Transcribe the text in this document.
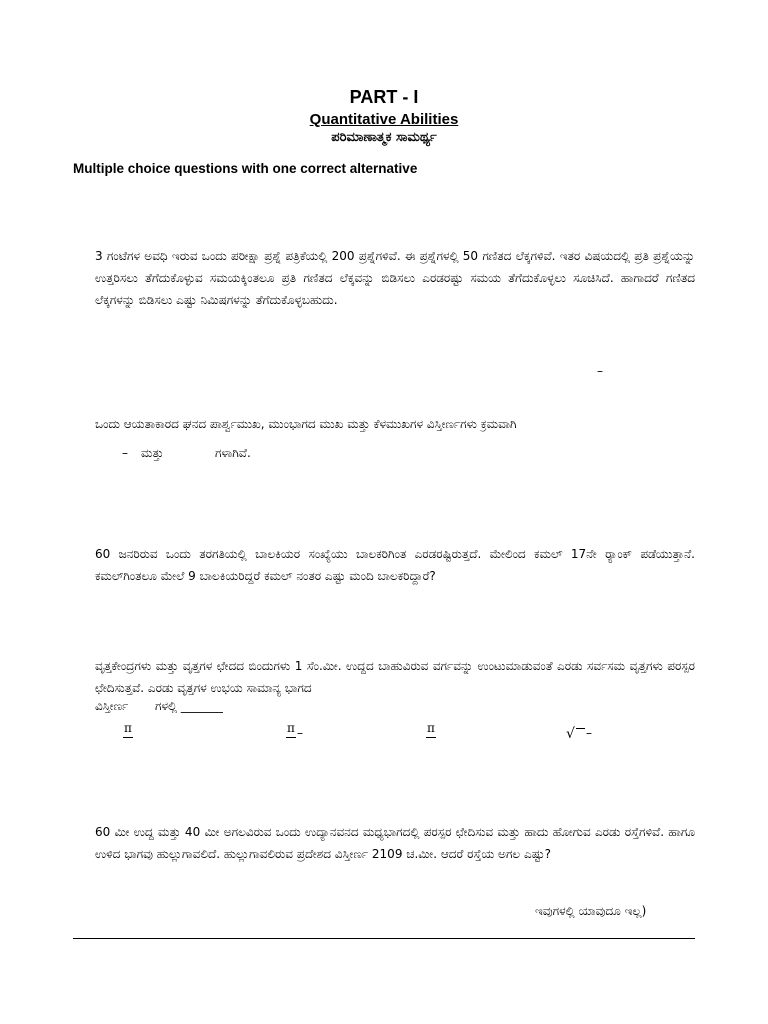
PART - I
Quantitative Abilities
ಪರಿಮಾಣಾತ್ಮಕ ಸಾಮರ್ಥ್ಯ
Multiple choice questions with one correct alternative
3 ಗಂಟೆಗಳ ಅವಧಿ ಇರುವ ಒಂದು ಪರೀಕ್ಷಾ ಪ್ರಶ್ನೆ ಪತ್ರಿಕೆಯಲ್ಲಿ 200 ಪ್ರಶ್ನೆಗಳಿವೆ. ಈ ಪ್ರಶ್ನೆಗಳಲ್ಲಿ 50 ಗಣಿತದ ಲೆಕ್ಕಗಳಿವೆ. ಇತರ ವಿಷಯದಲ್ಲಿ ಪ್ರತಿ ಪ್ರಶ್ನೆಯನ್ನು ಉತ್ತರಿಸಲು ತೆಗೆದುಕೊಳ್ಳುವ ಸಮಯಕ್ಕಿಂತಲೂ ಪ್ರತಿ ಗಣಿತದ ಲೆಕ್ಕವನ್ನು ಬಿಡಿಸಲು ಎರಡರಷ್ಟು ಸಮಯ ತೆಗೆದುಕೊಳ್ಳಲು ಸೂಚಿಸಿದೆ. ಹಾಗಾದರೆ ಗಣಿತದ ಲೆಕ್ಕಗಳನ್ನು ಬಿಡಿಸಲು ಎಷ್ಟು ನಿಮಿಷಗಳನ್ನು ತೆಗೆದುಕೊಳ್ಳಬಹುದು.
–
ಒಂದು ಆಯತಾಕಾರದ ಘನದ ಪಾರ್ಶ್ವಮುಖ, ಮುಂಭಾಗದ ಮುಖ ಮತ್ತು ಕೆಳಮುಖಗಳ ವಿಸ್ತೀರ್ಣಗಳು ಕ್ರಮವಾಗಿ
– ಮತ್ತು	ಗಳಾಗಿವೆ.
60 ಜನರಿರುವ ಒಂದು ತರಗತಿಯಲ್ಲಿ ಬಾಲಕಿಯರ ಸಂಖ್ಯೆಯು ಬಾಲಕರಿಗಿಂತ ಎರಡರಷ್ಟಿರುತ್ತದೆ. ಮೇಲಿಂದ ಕಮಲ್ 17ನೇ ರ್‍ಯಾಂಕ್ ಪಡೆಯುತ್ತಾನೆ. ಕಮಲ್‍ಗಿಂತಲೂ ಮೇಲೆ 9 ಬಾಲಕಿಯರಿದ್ದರೆ ಕಮಲ್ ನಂತರ ಎಷ್ಟು ಮಂದಿ ಬಾಲಕರಿದ್ದಾರೆ?
ವೃತ್ತಕೇಂದ್ರಗಳು ಮತ್ತು ವೃತ್ತಗಳ ಛೇದದ ಬಿಂದುಗಳು 1 ಸೆಂ.ಮೀ. ಉದ್ದದ ಬಾಹುವಿರುವ ವರ್ಗವನ್ನು ಉಂಟುಮಾಡುವಂತೆ ಎರಡು ಸರ್ವಸಮ ವೃತ್ತಗಳು ಪರಸ್ಪರ ಛೇದಿಸುತ್ತವೆ. ಎರಡು ವೃತ್ತಗಳ ಉಭಯ ಸಾಮಾನ್ಯ ಭಾಗದ
ವಿಸ್ತೀರ್ಣ       ಗಳಲ್ಲಿ _______
π	π –	π	√ –
60 ಮೀ ಉದ್ದ ಮತ್ತು 40 ಮೀ ಅಗಲವಿರುವ ಒಂದು ಉದ್ಯಾನವನದ ಮಧ್ಯಭಾಗದಲ್ಲಿ ಪರಸ್ಪರ ಛೇದಿಸುವ ಮತ್ತು ಹಾದು ಹೋಗುವ ಎರಡು ರಸ್ತೆಗಳಿವೆ. ಹಾಗೂ ಉಳಿದ ಭಾಗವು ಹುಲ್ಲುಗಾವಲಿದೆ. ಹುಲ್ಲುಗಾವಲಿರುವ ಪ್ರದೇಶದ ವಿಸ್ತೀರ್ಣ 2109 ಚ.ಮೀ. ಆದರೆ ರಸ್ತೆಯ ಅಗಲ ಎಷ್ಟು?
ಇವುಗಳಲ್ಲಿ ಯಾವುದೂ ಇಲ್ಲ)
